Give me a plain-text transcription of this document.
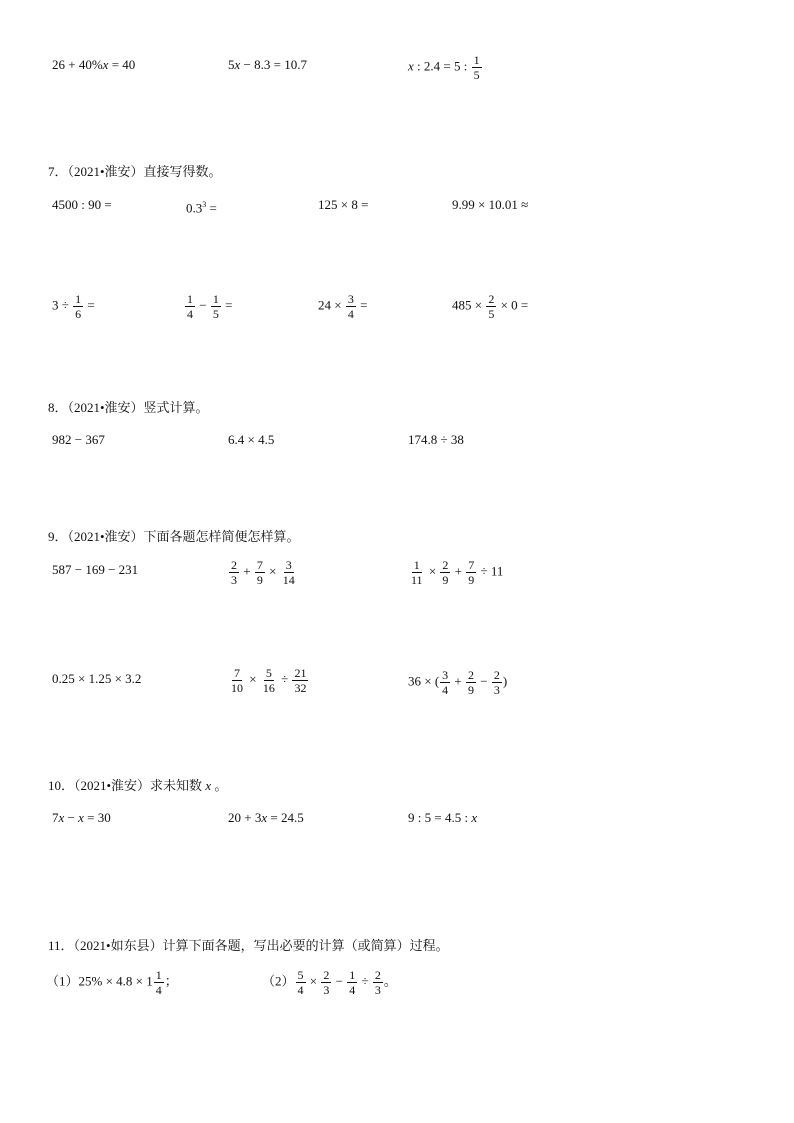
26 + 40%x = 40	5x − 8.3 = 10.7	x : 2.4 = 5 : $\frac{1}{5}$
7．（2021•淮安）直接写得数。
4500 : 90 =	$0.3^3$ =	125 × 8 =	9.99 × 10.01 ≈
$3 \div \frac{1}{6}$ =	$\frac{1}{4} - \frac{1}{5}$ =	$24 \times \frac{3}{4}$ =	$485 \times \frac{2}{5} \times 0$ =
8．（2021•淮安）竖式计算。
982 − 367	6.4 × 4.5	174.8 ÷ 38
9．（2021•淮安）下面各题怎样简便怎样算。
587 − 169 − 231	$\frac{2}{3} + \frac{7}{9} \times \frac{3}{14}$	$\frac{1}{11} \times \frac{2}{9} + \frac{7}{9} \div 11$
0.25 × 1.25 × 3.2	$\frac{7}{10} \times \frac{5}{16} \div \frac{21}{32}$	36 × ( $\frac{3}{4} + \frac{2}{9} - \frac{2}{3}$ )
10．（2021•淮安）求未知数 x 。
7x − x = 30	20 + 3x = 24.5	9 : 5 = 4.5 : x
11．（2021•如东县）计算下面各题，写出必要的计算（或简算）过程。
$(1)25\% \times 4.8 \times 1 \frac{1}{4}$ ；	$(2) \frac{5}{4} \times \frac{2}{3} - \frac{1}{4} \div \frac{2}{3}$ 。
